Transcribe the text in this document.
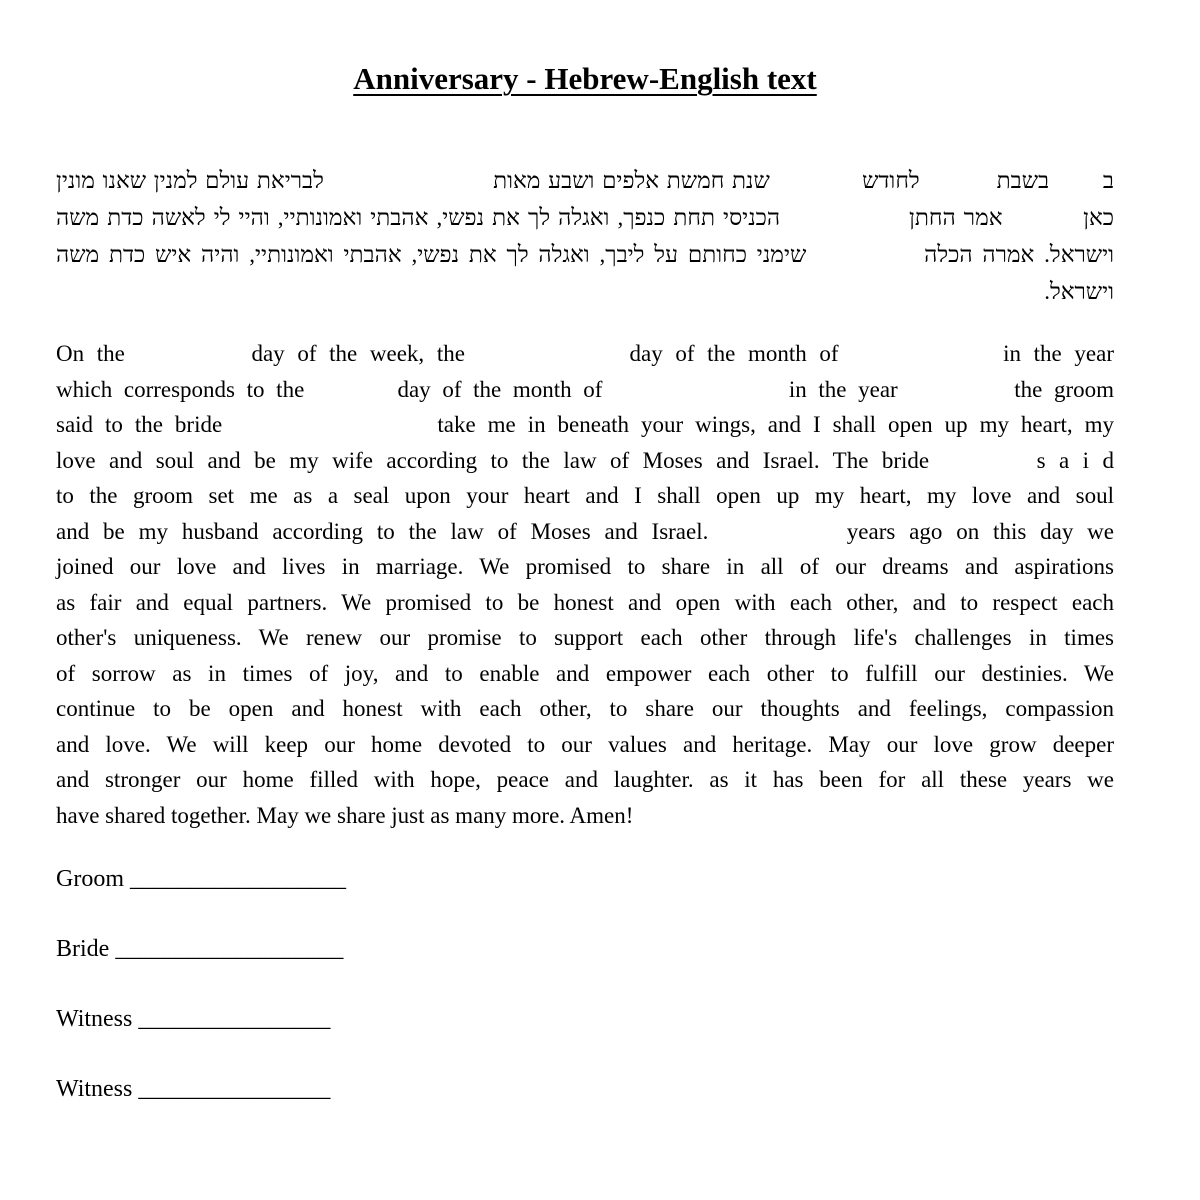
Anniversary - Hebrew-English text
ב       בשבת          לחודש            שנת חמשת אלפים ושבע מאות                      לבריאת עולם למנין שאנו מונין
כאן          אמר החתן                הכניסי תחת כנפך, ואגלה לך את נפשי, אהבתי ואמונותיי, והיי לי לאשה כדת משה
וישראל. אמרה הכלה            שימני כחותם על ליבך, ואגלה לך את נפשי, אהבתי ואמונותיי, והיה איש כדת משה
וישראל.
On the          day of the week, the             day of the month of             in the year
which corresponds to the        day of the month of                in the year          the groom
said to the bride                  take me in beneath your wings, and I shall open up my heart, my
love and soul and be my wife according to the law of Moses and Israel. The bride        s a i d
to the groom set me as a seal upon your heart and I shall open up my heart, my love and soul
and be my husband according to the law of Moses and Israel.          years ago on this day we
joined our love and lives in marriage. We promised to share in all of our dreams and aspirations
as fair and equal partners. We promised to be honest and open with each other, and to respect each
other's uniqueness. We renew our promise to support each other through life's challenges in times
of sorrow as in times of joy, and to enable and empower each other to fulfill our destinies. We
continue to be open and honest with each other, to share our thoughts and feelings, compassion
and love. We will keep our home devoted to our values and heritage. May our love grow deeper
and stronger our home filled with hope, peace and laughter. as it has been for all these years we
have shared together. May we share just as many more. Amen!
Groom __________________
Bride ___________________
Witness ________________
Witness ________________
